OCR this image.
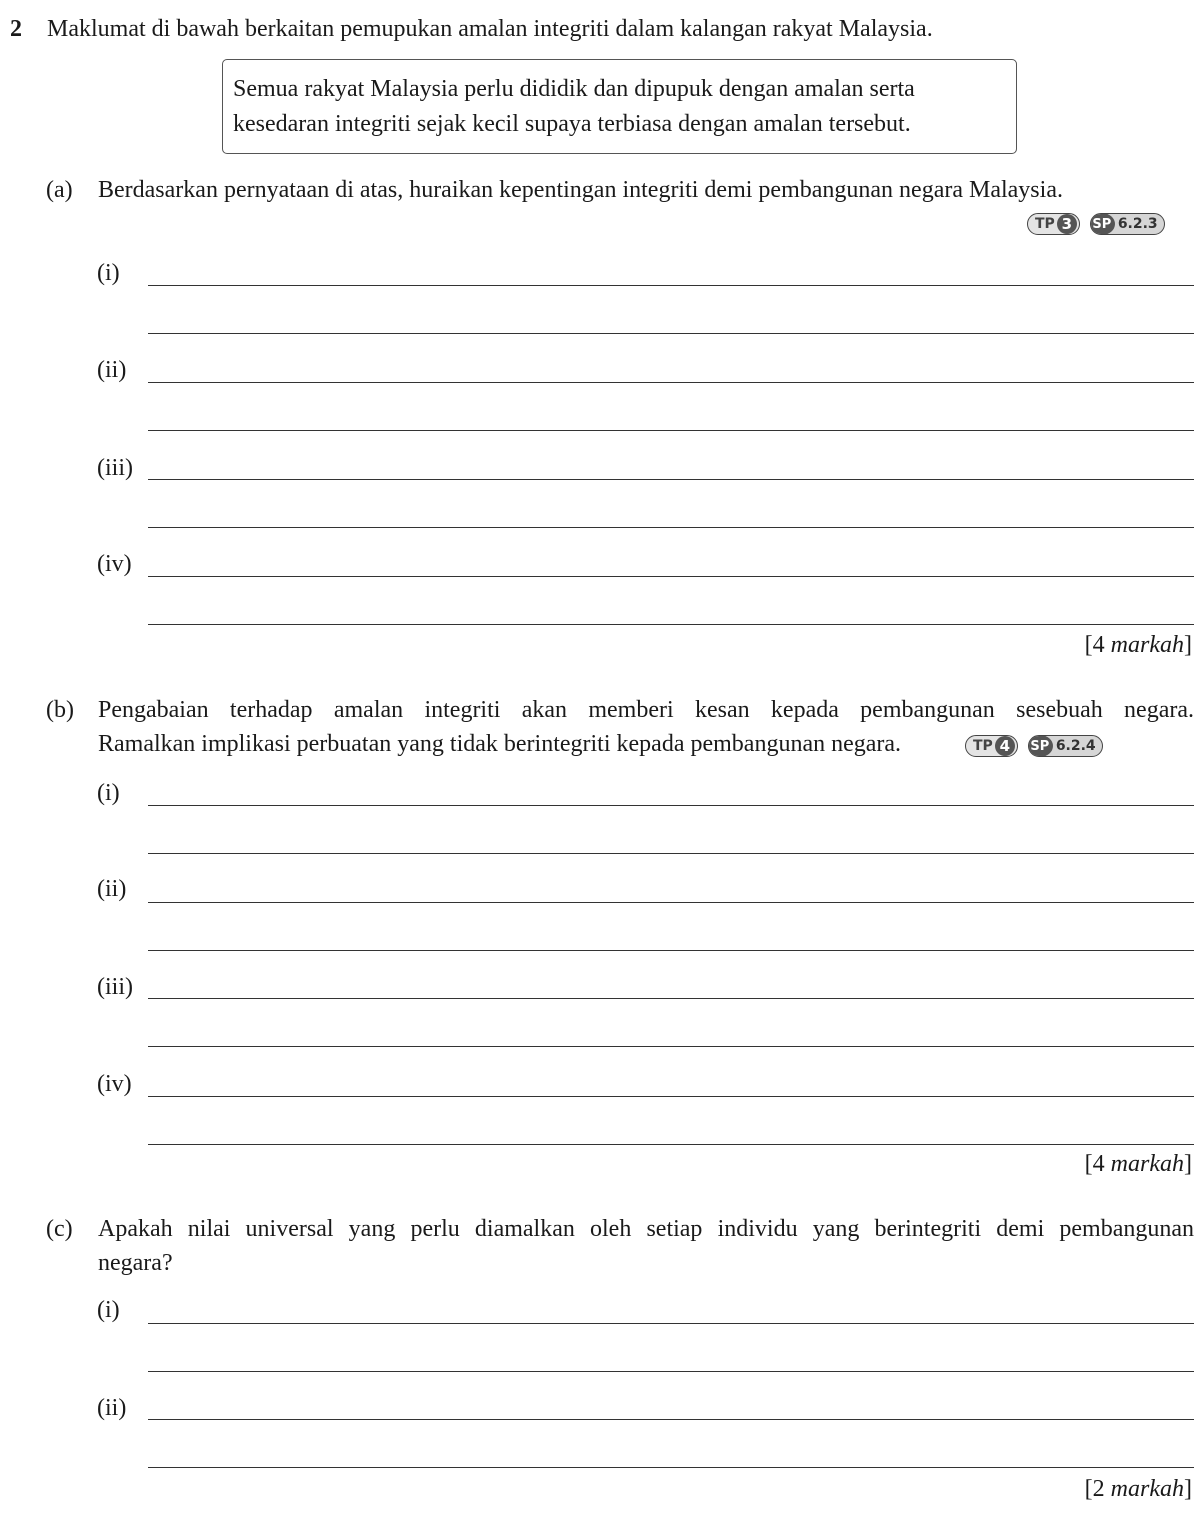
2 Maklumat di bawah berkaitan pemupukan amalan integriti dalam kalangan rakyat Malaysia.
Semua rakyat Malaysia perlu dididik dan dipupuk dengan amalan serta
kesedaran integriti sejak kecil supaya terbiasa dengan amalan tersebut.
(a) Berdasarkan pernyataan di atas, huraikan kepentingan integriti demi pembangunan negara Malaysia.
TP 3	SP 6.2.3
(i)
(ii)
(iii)
(iv)
[4 markah]
(b) Pengabaian terhadap amalan integriti akan memberi kesan kepada pembangunan sesebuah negara.
Ramalkan implikasi perbuatan yang tidak berintegriti kepada pembangunan negara.	TP 4	SP 6.2.4
(i)
(ii)
(iii)
(iv)
[4 markah]
(c) Apakah nilai universal yang perlu diamalkan oleh setiap individu yang berintegriti demi pembangunan
negara?
(i)
(ii)
[2 markah]
